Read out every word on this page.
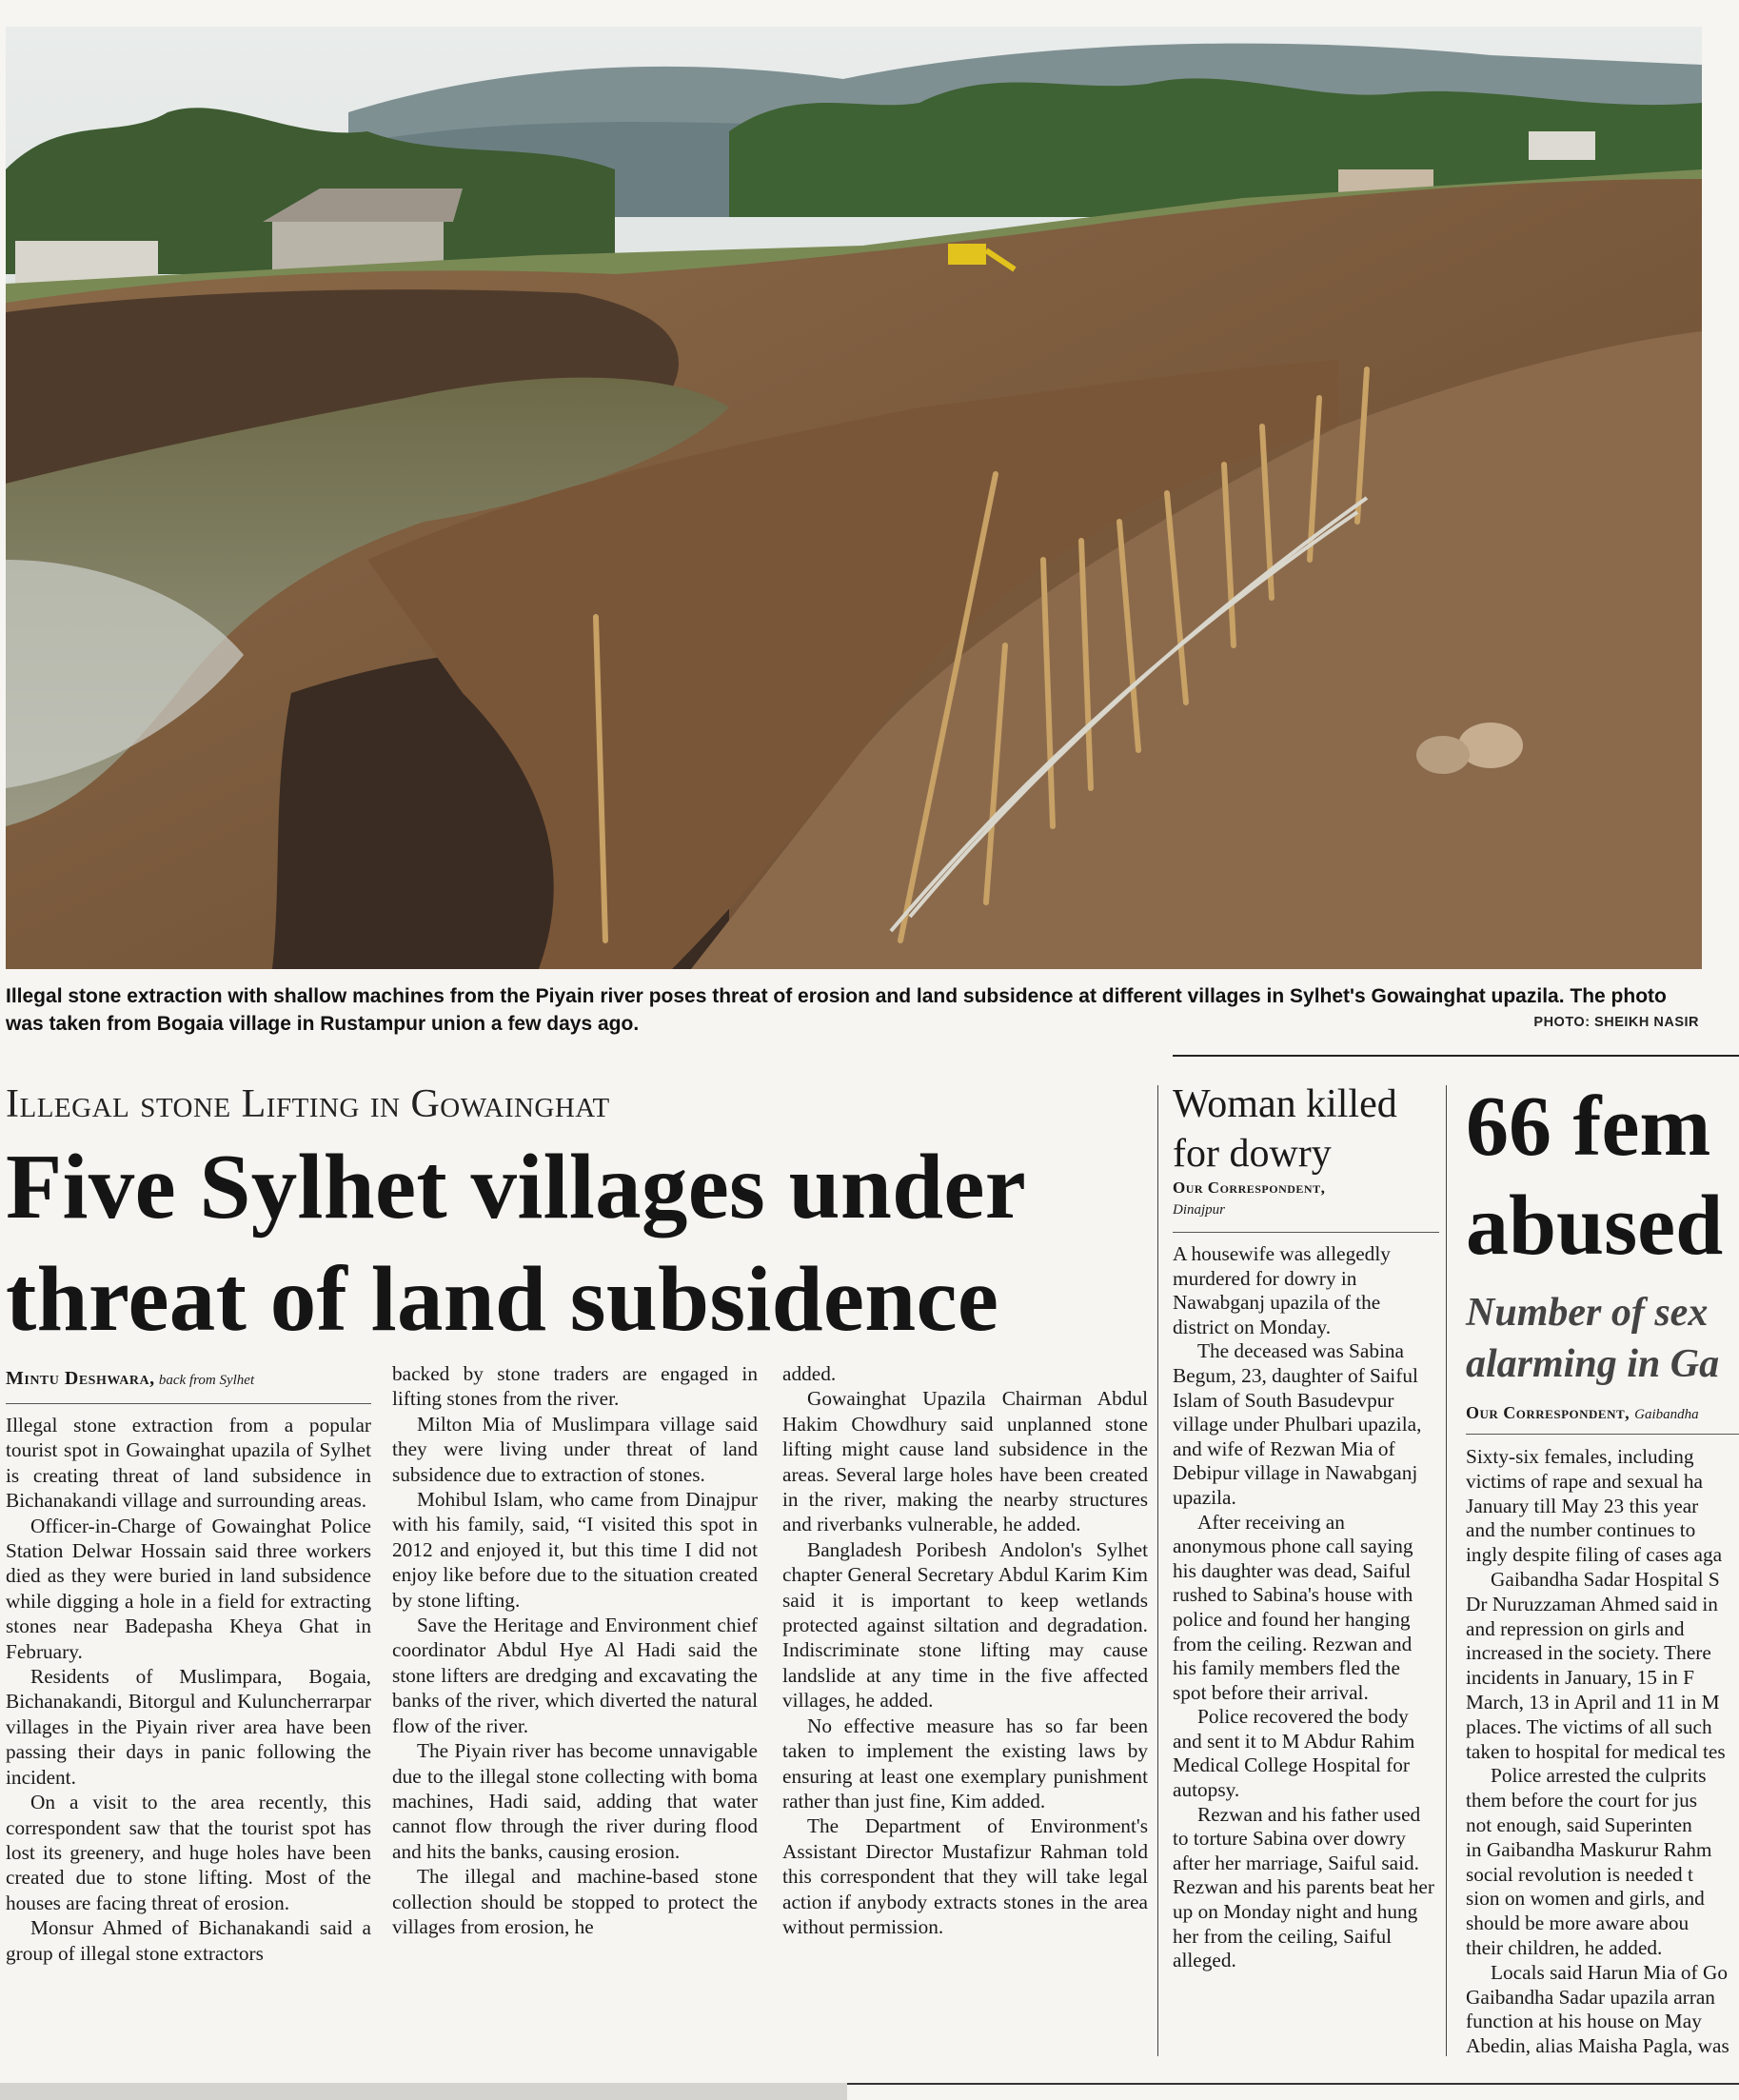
Illegal stone extraction with shallow machines from the Piyain river poses threat of erosion and land subsidence at different villages in Sylhet's Gowainghat upazila. The photo was taken from Bogaia village in Rustampur union a few days ago.	PHOTO: SHEIKH NASIR
Illegal stone Lifting in Gowainghat
Five Sylhet villages under threat of land subsidence
Mintu Deshwara, back from Sylhet

Illegal stone extraction from a popular tourist spot in Gowainghat upazila of Sylhet is creating threat of land subsidence in Bichanakandi village and surrounding areas.

Officer-in-Charge of Gowainghat Police Station Delwar Hossain said three workers died as they were buried in land subsidence while digging a hole in a field for extracting stones near Badepasha Kheya Ghat in February.

Residents of Muslimpara, Bogaia, Bichanakandi, Bitorgul and Kuluncherrarpar villages in the Piyain river area have been passing their days in panic following the incident.

On a visit to the area recently, this correspondent saw that the tourist spot has lost its greenery, and huge holes have been created due to stone lifting. Most of the houses are facing threat of erosion.

Monsur Ahmed of Bichanakandi said a group of illegal stone extractors

backed by stone traders are engaged in lifting stones from the river.

Milton Mia of Muslimpara village said they were living under threat of land subsidence due to extraction of stones.

Mohibul Islam, who came from Dinajpur with his family, said, “I visited this spot in 2012 and enjoyed it, but this time I did not enjoy like before due to the situation created by stone lifting.

Save the Heritage and Environment chief coordinator Abdul Hye Al Hadi said the stone lifters are dredging and excavating the banks of the river, which diverted the natural flow of the river.

The Piyain river has become unnavigable due to the illegal stone collecting with boma machines, Hadi said, adding that water cannot flow through the river during flood and hits the banks, causing erosion.

The illegal and machine-based stone collection should be stopped to protect the villages from erosion, he

added.

Gowainghat Upazila Chairman Abdul Hakim Chowdhury said unplanned stone lifting might cause land subsidence in the areas. Several large holes have been created in the river, making the nearby structures and riverbanks vulnerable, he added.

Bangladesh Poribesh Andolon's Sylhet chapter General Secretary Abdul Karim Kim said it is important to keep wetlands protected against siltation and degradation. Indiscriminate stone lifting may cause landslide at any time in the five affected villages, he added.

No effective measure has so far been taken to implement the existing laws by ensuring at least one exemplary punishment rather than just fine, Kim added.

The Department of Environment's Assistant Director Mustafizur Rahman told this correspondent that they will take legal action if anybody extracts stones in the area without permission.

Woman killed for dowry
Our Correspondent,
Dinajpur

A housewife was allegedly murdered for dowry in Nawabganj upazila of the district on Monday.

The deceased was Sabina Begum, 23, daughter of Saiful Islam of South Basudevpur village under Phulbari upazila, and wife of Rezwan Mia of Debipur village in Nawabganj upazila.

After receiving an anonymous phone call saying his daughter was dead, Saiful rushed to Sabina's house with police and found her hanging from the ceiling. Rezwan and his family members fled the spot before their arrival.

Police recovered the body and sent it to M Abdur Rahim Medical College Hospital for autopsy.

Rezwan and his father used to torture Sabina over dowry after her marriage, Saiful said. Rezwan and his parents beat her up on Monday night and hung her from the ceiling, Saiful alleged.

66 fem
abused
Number of sex
alarming in Ga
Our Correspondent, Gaibandha

Sixty-six females, including

victims of rape and sexual ha

January till May 23 this year

and the number continues to

ingly despite filing of cases aga

Gaibandha Sadar Hospital S

Dr Nuruzzaman Ahmed said in

and repression on girls and

increased in the society. There

incidents in January, 15 in F

March, 13 in April and 11 in M

places. The victims of all such

taken to hospital for medical tes

Police arrested the culprits

them before the court for jus

not enough, said Superinten

in Gaibandha Maskurur Rahm

social revolution is needed t

sion on women and girls, and

should be more aware abou

their children, he added.

Locals said Harun Mia of Go

Gaibandha Sadar upazila arran

function at his house on May

Abedin, alias Maisha Pagla, was
